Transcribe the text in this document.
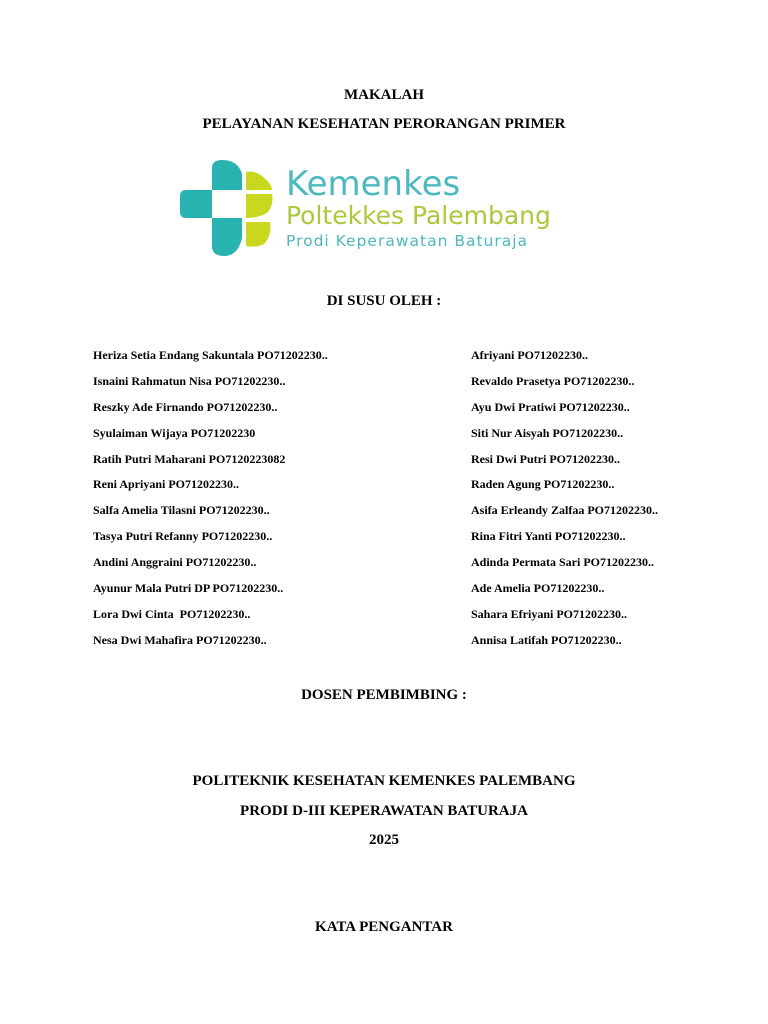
MAKALAH
PELAYANAN KESEHATAN PERORANGAN PRIMER
Kemenkes
Poltekkes Palembang
Prodi Keperawatan Baturaja
DI SUSU OLEH :
Heriza Setia Endang Sakuntala PO71202230..	Afriyani PO71202230..
Isnaini Rahmatun Nisa PO71202230..	Revaldo Prasetya PO71202230..
Reszky Ade Firnando PO71202230..	Ayu Dwi Pratiwi PO71202230..
Syulaiman Wijaya PO71202230	Siti Nur Aisyah PO71202230..
Ratih Putri Maharani PO7120223082	Resi Dwi Putri PO71202230..
Reni Apriyani PO71202230..	Raden Agung PO71202230..
Salfa Amelia Tilasni PO71202230..	Asifa Erleandy Zalfaa PO71202230..
Tasya Putri Refanny PO71202230..	Rina Fitri Yanti PO71202230..
Andini Anggraini PO71202230..	Adinda Permata Sari PO71202230..
Ayunur Mala Putri DP PO71202230..	Ade Amelia PO71202230..
Lora Dwi Cinta  PO71202230..	Sahara Efriyani PO71202230..
Nesa Dwi Mahafira PO71202230..	Annisa Latifah PO71202230..
DOSEN PEMBIMBING :
POLITEKNIK KESEHATAN KEMENKES PALEMBANG
PRODI D-III KEPERAWATAN BATURAJA
2025
KATA PENGANTAR
